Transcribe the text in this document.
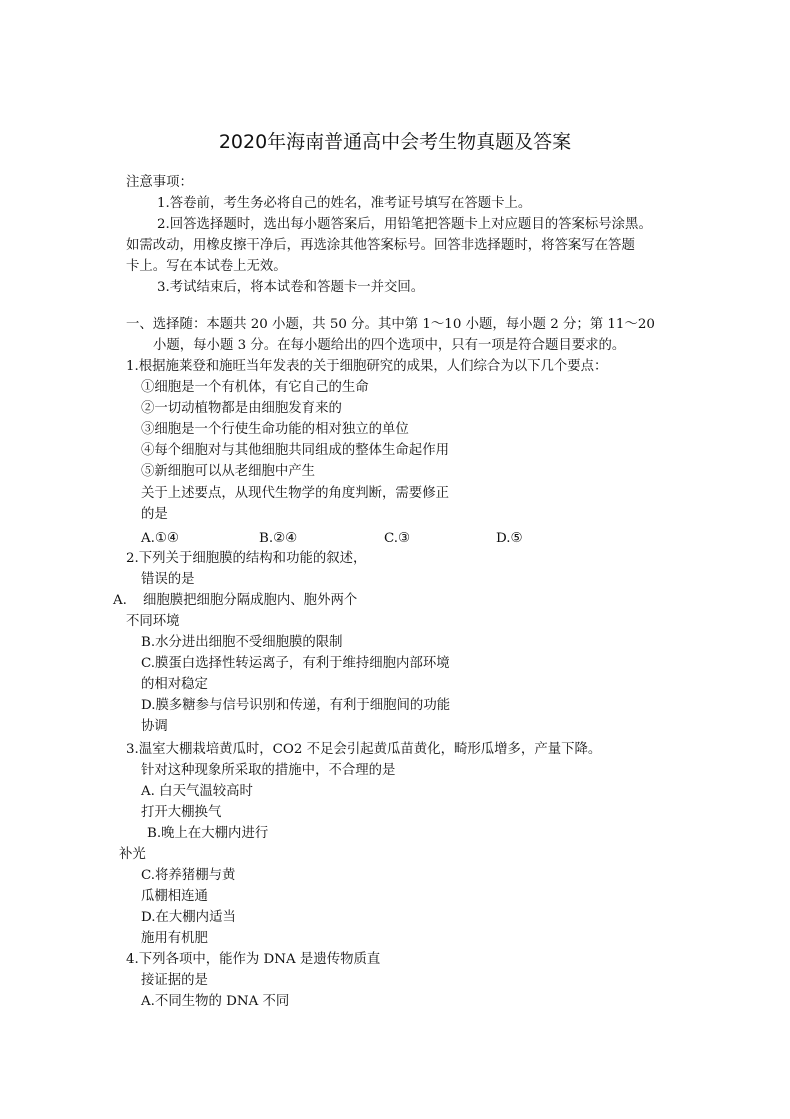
2020年海南普通高中会考生物真题及答案
注意事项：
1.答卷前，考生务必将自己的姓名，准考证号填写在答题卡上。
2.回答选择题时，选出每小题答案后，用铅笔把答题卡上对应题目的答案标号涂黑。
如需改动，用橡皮擦干净后，再选涂其他答案标号。回答非选择题时，将答案写在答题
卡上。写在本试卷上无效。
3.考试结束后，将本试卷和答题卡一并交回。
一、选择随：本题共 20 小题，共 50 分。其中第 1～10 小题，每小题 2 分；第 11～20
小题，每小题 3 分。在每小题给出的四个选项中，只有一项是符合题目要求的。
1.根据施莱登和施旺当年发表的关于细胞研究的成果，人们综合为以下几个要点：
①细胞是一个有机体，有它自己的生命
②一切动植物都是由细胞发育来的
③细胞是一个行使生命功能的相对独立的单位
④每个细胞对与其他细胞共同组成的整体生命起作用
⑤新细胞可以从老细胞中产生
关于上述要点，从现代生物学的角度判断，需要修正
的是
A.①④	B.②④	C.③	D.⑤
2.下列关于细胞膜的结构和功能的叙述，
错误的是
A. 细胞膜把细胞分隔成胞内、胞外两个
不同环境
B.水分进出细胞不受细胞膜的限制
C.膜蛋白选择性转运离子，有利于维持细胞内部环境
的相对稳定
D.膜多糖参与信号识别和传递，有利于细胞间的功能
协调
3.温室大棚栽培黄瓜时，CO2 不足会引起黄瓜苗黄化，畸形瓜增多，产量下降。
针对这种现象所采取的措施中，不合理的是
A. 白天气温较高时
打开大棚换气
B.晚上在大棚内进行
补光
C.将养猪棚与黄
瓜棚相连通
D.在大棚内适当
施用有机肥
4.下列各项中，能作为 DNA 是遗传物质直
接证据的是
A.不同生物的 DNA 不同
